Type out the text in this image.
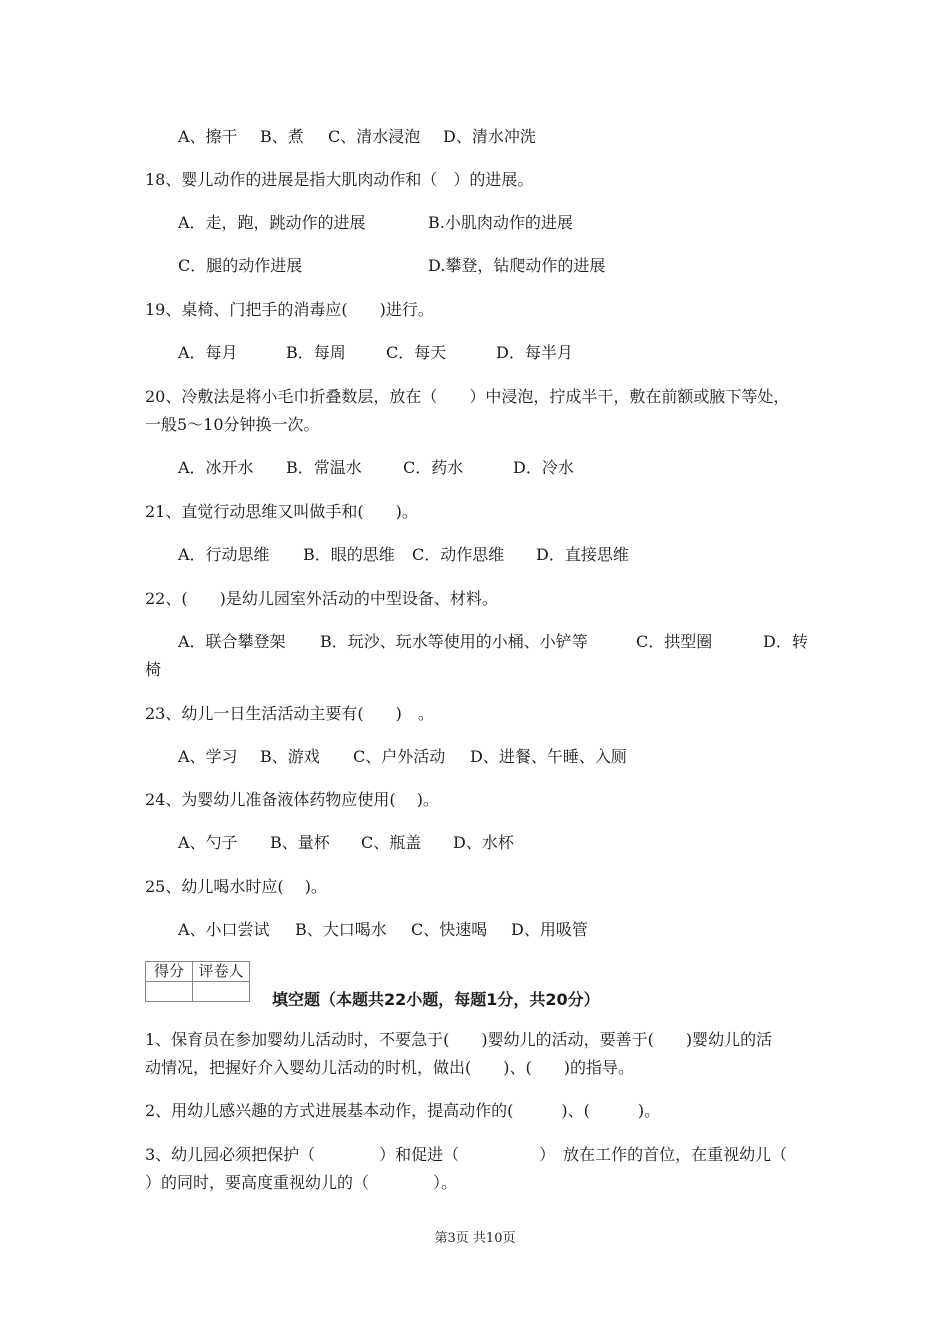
A、擦干 B、煮 C、清水浸泡 D、清水冲洗
18、婴儿动作的进展是指大肌肉动作和（　）的进展。
A．走，跑，跳动作的进展	B.小肌肉动作的进展
C．腿的动作进展	D.攀登，钻爬动作的进展
19、桌椅、门把手的消毒应(　　)进行。
A．每月	B．每周	C．每天	D．每半月
20、冷敷法是将小毛巾折叠数层，放在（　　）中浸泡，拧成半干，敷在前额或腋下等处，
一般5～10分钟换一次。
A．冰开水 B．常温水	C．药水	D．冷水
21、直觉行动思维又叫做手和(　　)。
A．行动思维 B．眼的思维 C．动作思维 D．直接思维
22、(　　)是幼儿园室外活动的中型设备、材料。
A．联合攀登架 B．玩沙、玩水等使用的小桶、小铲等	C．拱型圈	D．转
椅
23、幼儿一日生活活动主要有(　　)　。
A、学习 B、游戏 C、户外活动 D、进餐、午睡、入厕
24、为婴幼儿准备液体药物应使用(　 )。
A、勺子 B、量杯 C、瓶盖 D、水杯
25、幼儿喝水时应(　 )。
A、小口尝试 B、大口喝水 C、快速喝 D、用吸管
得分	评卷人

填空题（本题共22小题，每题1分，共20分）
1、保育员在参加婴幼儿活动时，不要急于(　　)婴幼儿的活动，要善于(　　)婴幼儿的活
动情况，把握好介入婴幼儿活动的时机，做出(　　)、(　　)的指导。
2、用幼儿感兴趣的方式进展基本动作，提高动作的(　　　)、(　　　)。
3、幼儿园必须把保护（　　　　）和促进（　　　　　）　放在工作的首位，在重视幼儿（
）的同时，要高度重视幼儿的（　　　　）。
第3页 共10页
